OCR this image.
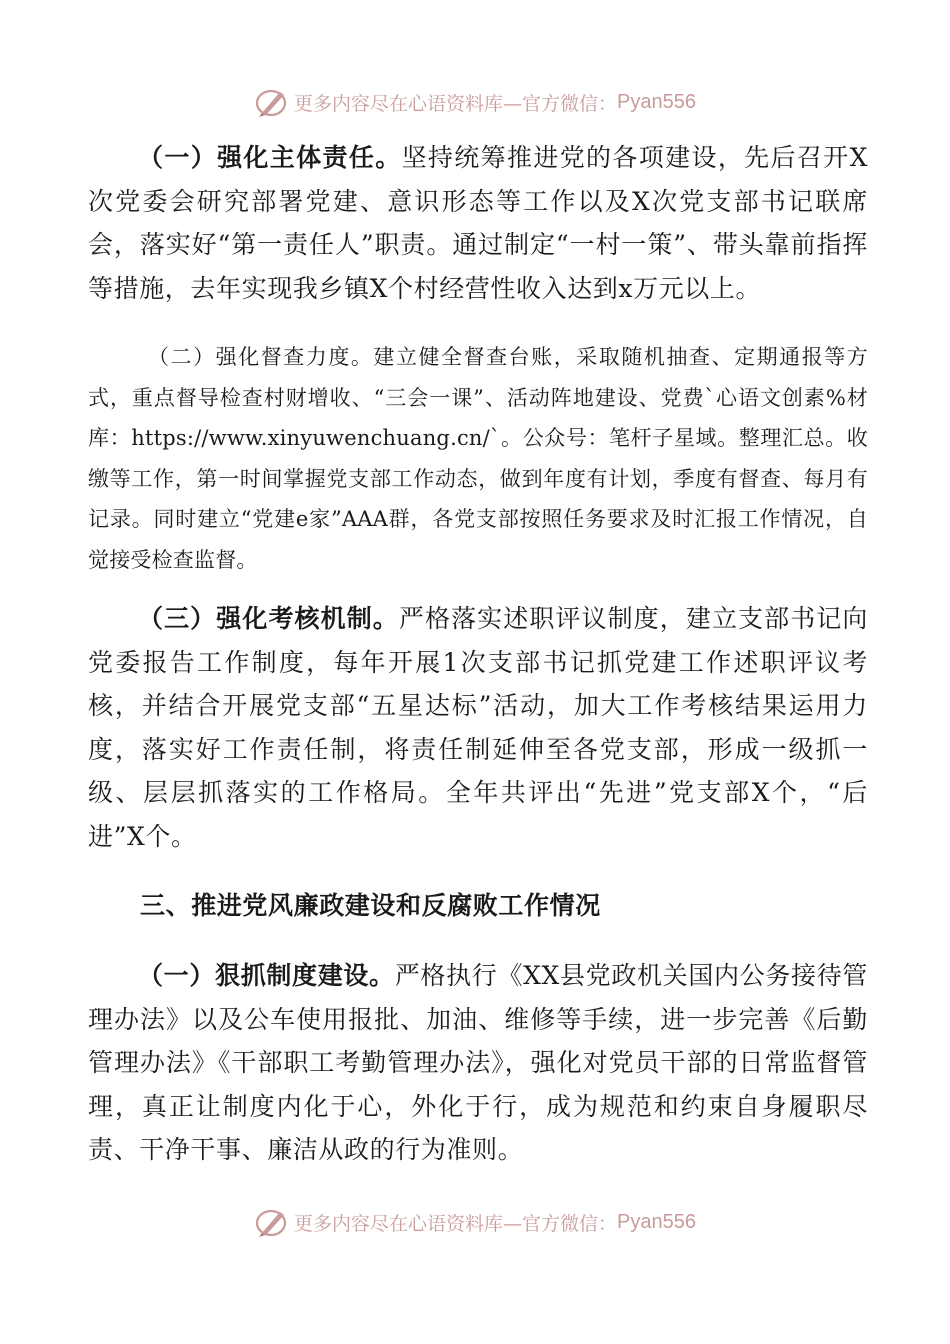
更多内容尽在心语资料库—官方微信： Pyan556

（一）强化主体责任。坚持统筹推进党的各项建设，先后召开X次党委会研究部署党建、意识形态等工作以及X次党支部书记联席会，落实好“第一责任人”职责。通过制定“一村一策”、带头靠前指挥等措施，去年实现我乡镇X个村经营性收入达到x万元以上。

（二）强化督查力度。建立健全督查台账，采取随机抽查、定期通报等方式，重点督导检查村财增收、“三会一课”、活动阵地建设、党费`心语文创素%材库：https://www.xinyuwenchuang.cn/`。公众号：笔杆子星域。整理汇总。收缴等工作，第一时间掌握党支部工作动态，做到年度有计划，季度有督查、每月有记录。同时建立“党建e家”AAA群，各党支部按照任务要求及时汇报工作情况，自觉接受检查监督。

（三）强化考核机制。严格落实述职评议制度，建立支部书记向党委报告工作制度，每年开展1次支部书记抓党建工作述职评议考核，并结合开展党支部“五星达标”活动，加大工作考核结果运用力度，落实好工作责任制，将责任制延伸至各党支部，形成一级抓一级、层层抓落实的工作格局。全年共评出“先进”党支部X个，“后进”X个。

三、推进党风廉政建设和反腐败工作情况

（一）狠抓制度建设。严格执行《XX县党政机关国内公务接待管理办法》以及公车使用报批、加油、维修等手续，进一步完善《后勤管理办法》《干部职工考勤管理办法》，强化对党员干部的日常监督管理，真正让制度内化于心，外化于行，成为规范和约束自身履职尽责、干净干事、廉洁从政的行为准则。

更多内容尽在心语资料库—官方微信： Pyan556
